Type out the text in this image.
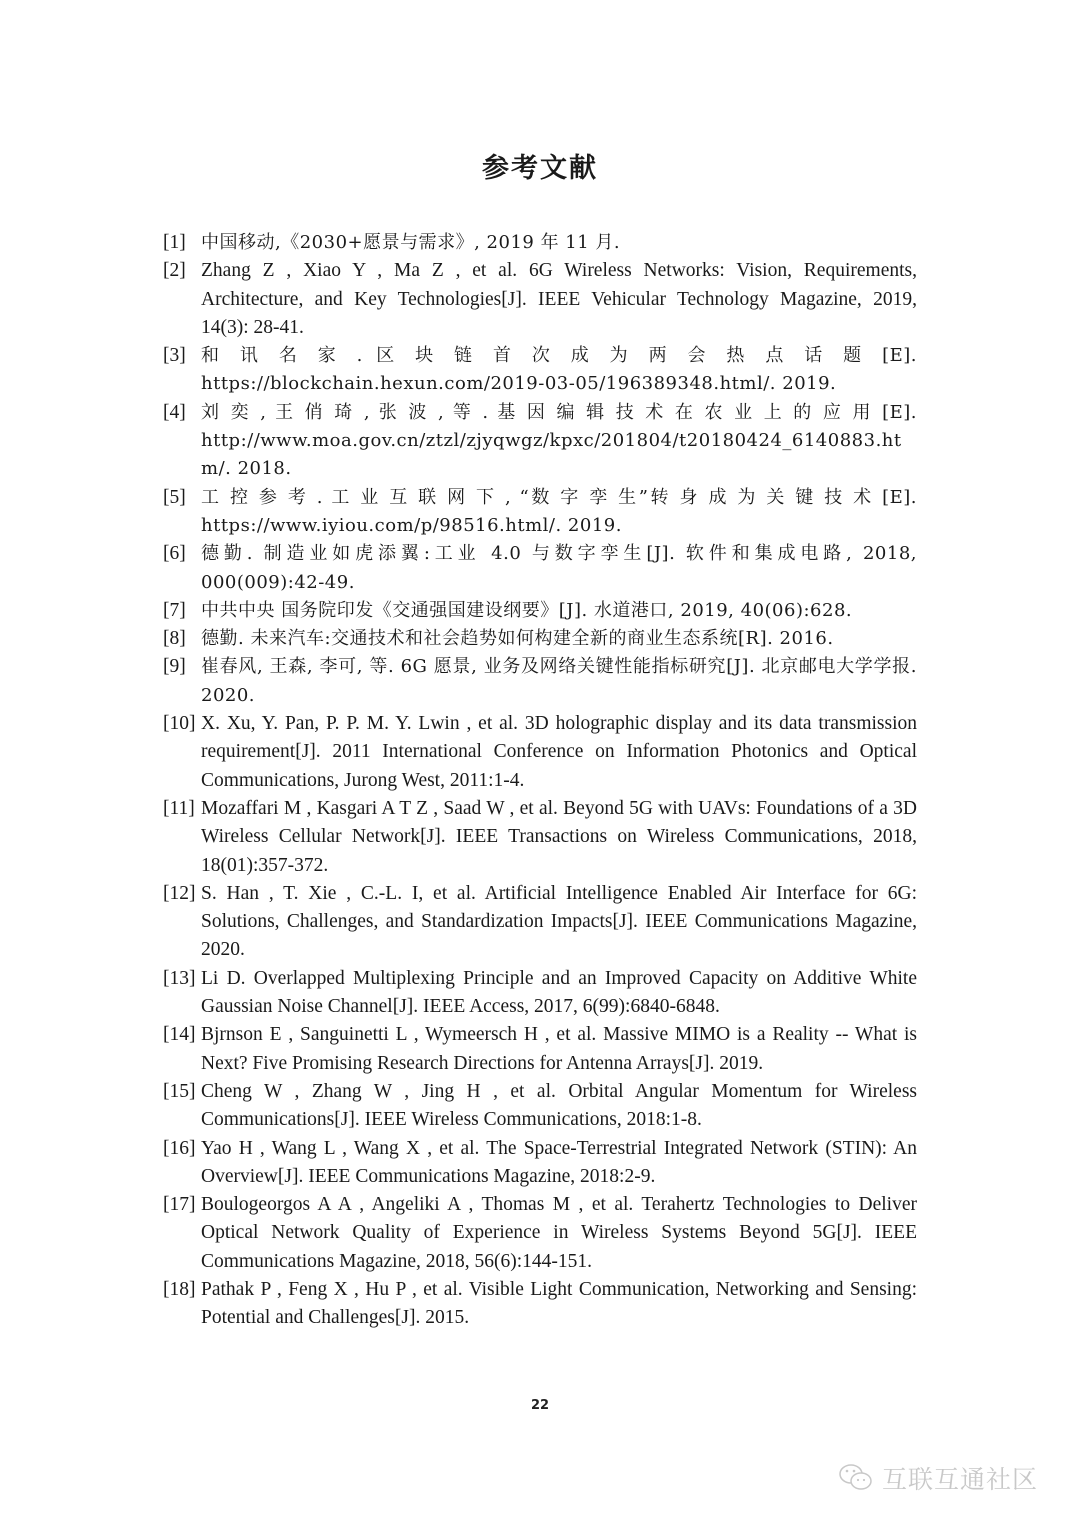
参考文献
[1] 中国移动,《2030+愿景与需求》, 2019 年 11 月.
[2] Zhang Z , Xiao Y , Ma Z , et al. 6G Wireless Networks: Vision, Requirements, Architecture, and Key Technologies[J]. IEEE Vehicular Technology Magazine, 2019, 14(3): 28-41.
[3] 和 讯 名 家 . 区 块 链 首 次 成 为 两 会 热 点 话 题 [E]. https://blockchain.hexun.com/2019-03-05/196389348.html/. 2019.
[4] 刘 奕 , 王 俏 琦 , 张 波 , 等 . 基 因 编 辑 技 术 在 农 业 上 的 应 用 [E]. http://www.moa.gov.cn/ztzl/zjyqwgz/kpxc/201804/t20180424_6140883.htm/. 2018.
[5] 工 控 参 考 . 工 业 互 联 网 下 , “数 字 孪 生”转 身 成 为 关 键 技 术 [E]. https://www.iyiou.com/p/98516.html/. 2019.
[6] 德勤. 制造业如虎添翼:工业 4.0 与数字孪生[J]. 软件和集成电路, 2018, 000(009):42-49.
[7] 中共中央 国务院印发《交通强国建设纲要》[J]. 水道港口, 2019, 40(06):628.
[8] 德勤. 未来汽车:交通技术和社会趋势如何构建全新的商业生态系统[R]. 2016.
[9] 崔春风, 王森, 李可, 等. 6G 愿景, 业务及网络关键性能指标研究[J]. 北京邮电大学学报. 2020.
[10] X. Xu, Y. Pan, P. P. M. Y. Lwin , et al. 3D holographic display and its data transmission requirement[J]. 2011 International Conference on Information Photonics and Optical Communications, Jurong West, 2011:1-4.
[11] Mozaffari M , Kasgari A T Z , Saad W , et al. Beyond 5G with UAVs: Foundations of a 3D Wireless Cellular Network[J]. IEEE Transactions on Wireless Communications, 2018, 18(01):357-372.
[12] S. Han , T. Xie , C.-L. I, et al. Artificial Intelligence Enabled Air Interface for 6G: Solutions, Challenges, and Standardization Impacts[J]. IEEE Communications Magazine, 2020.
[13] Li D. Overlapped Multiplexing Principle and an Improved Capacity on Additive White Gaussian Noise Channel[J]. IEEE Access, 2017, 6(99):6840-6848.
[14] Bjrnson E , Sanguinetti L , Wymeersch H , et al. Massive MIMO is a Reality -- What is Next? Five Promising Research Directions for Antenna Arrays[J]. 2019.
[15] Cheng W , Zhang W , Jing H , et al. Orbital Angular Momentum for Wireless Communications[J]. IEEE Wireless Communications, 2018:1-8.
[16] Yao H , Wang L , Wang X , et al. The Space-Terrestrial Integrated Network (STIN): An Overview[J]. IEEE Communications Magazine, 2018:2-9.
[17] Boulogeorgos A A , Angeliki A , Thomas M , et al. Terahertz Technologies to Deliver Optical Network Quality of Experience in Wireless Systems Beyond 5G[J]. IEEE Communications Magazine, 2018, 56(6):144-151.
[18] Pathak P , Feng X , Hu P , et al. Visible Light Communication, Networking and Sensing: Potential and Challenges[J]. 2015.
22
互联互通社区
